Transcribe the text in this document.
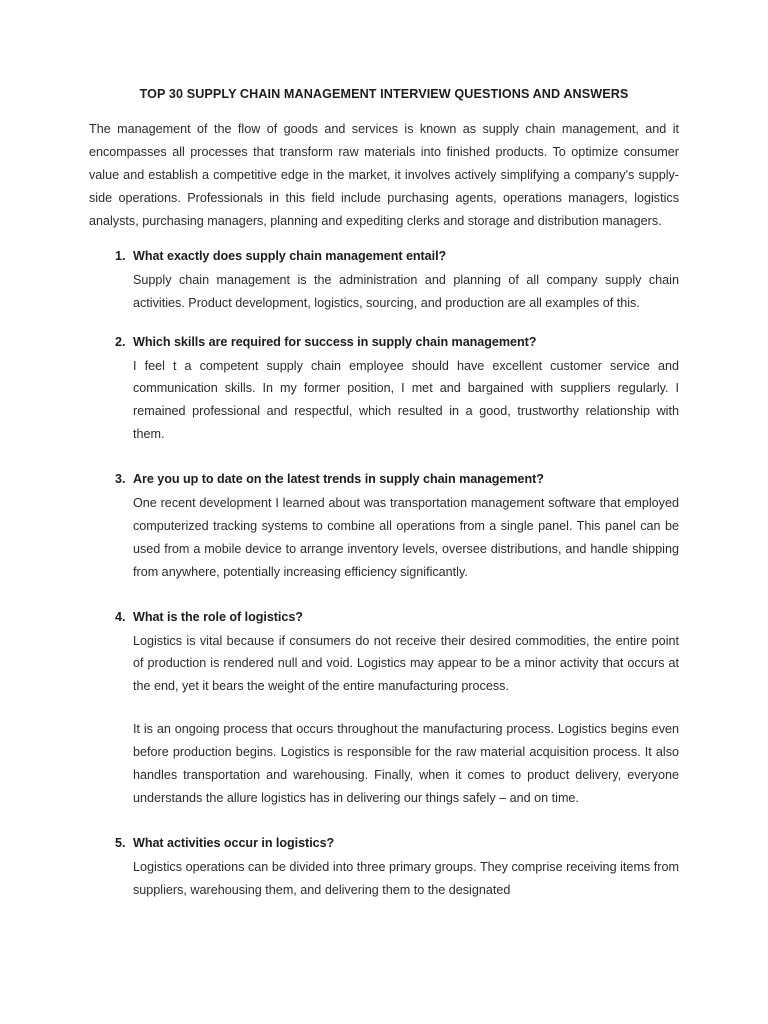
TOP 30 SUPPLY CHAIN MANAGEMENT INTERVIEW QUESTIONS AND ANSWERS

The management of the flow of goods and services is known as supply chain management, and it encompasses all processes that transform raw materials into finished products. To optimize consumer value and establish a competitive edge in the market, it involves actively simplifying a company's supply-side operations. Professionals in this field include purchasing agents, operations managers, logistics analysts, purchasing managers, planning and expediting clerks and storage and distribution managers.

1. What exactly does supply chain management entail?

Supply chain management is the administration and planning of all company supply chain activities. Product development, logistics, sourcing, and production are all examples of this.

2. Which skills are required for success in supply chain management?

I feel t a competent supply chain employee should have excellent customer service and communication skills. In my former position, I met and bargained with suppliers regularly. I remained professional and respectful, which resulted in a good, trustworthy relationship with them.

3. Are you up to date on the latest trends in supply chain management?

One recent development I learned about was transportation management software that employed computerized tracking systems to combine all operations from a single panel. This panel can be used from a mobile device to arrange inventory levels, oversee distributions, and handle shipping from anywhere, potentially increasing efficiency significantly.

4. What is the role of logistics?

Logistics is vital because if consumers do not receive their desired commodities, the entire point of production is rendered null and void. Logistics may appear to be a minor activity that occurs at the end, yet it bears the weight of the entire manufacturing process.

It is an ongoing process that occurs throughout the manufacturing process. Logistics begins even before production begins. Logistics is responsible for the raw material acquisition process. It also handles transportation and warehousing. Finally, when it comes to product delivery, everyone understands the allure logistics has in delivering our things safely – and on time.

5. What activities occur in logistics?

Logistics operations can be divided into three primary groups. They comprise receiving items from suppliers, warehousing them, and delivering them to the designated
